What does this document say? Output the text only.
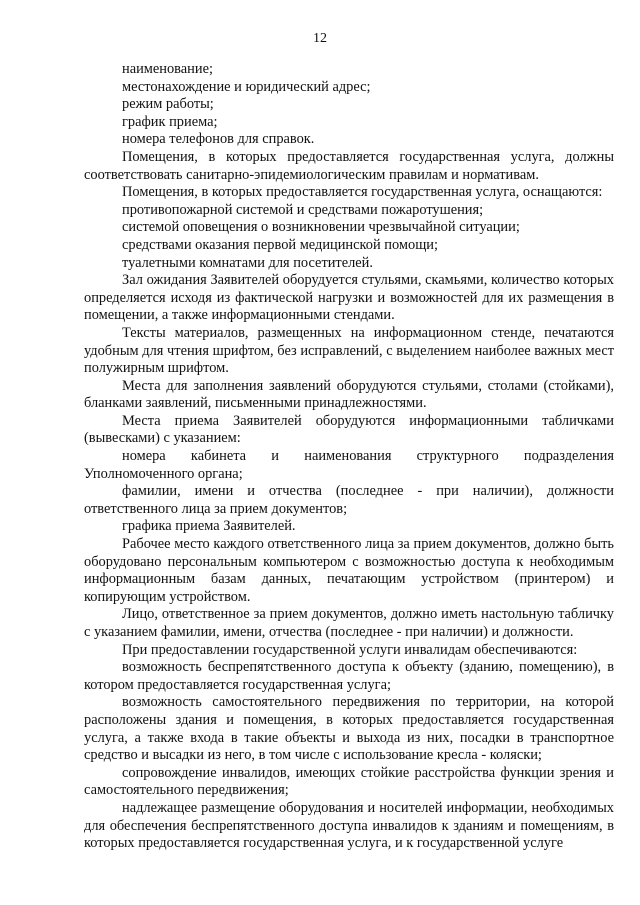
12

наименование;

местонахождение и юридический адрес;

режим работы;

график приема;

номера телефонов для справок.

Помещения, в которых предоставляется государственная услуга, должны соответствовать санитарно-эпидемиологическим правилам и нормативам.

Помещения, в которых предоставляется государственная услуга, оснащаются:

противопожарной системой и средствами пожаротушения;

системой оповещения о возникновении чрезвычайной ситуации;

средствами оказания первой медицинской помощи;

туалетными комнатами для посетителей.

Зал ожидания Заявителей оборудуется стульями, скамьями, количество которых определяется исходя из фактической нагрузки и возможностей для их размещения в помещении, а также информационными стендами.

Тексты материалов, размещенных на информационном стенде, печатаются удобным для чтения шрифтом, без исправлений, с выделением наиболее важных мест полужирным шрифтом.

Места для заполнения заявлений оборудуются стульями, столами (стойками), бланками заявлений, письменными принадлежностями.

Места приема Заявителей оборудуются информационными табличками (вывесками) с указанием:

номера кабинета и наименования структурного подразделения Уполномоченного органа;

фамилии, имени и отчества (последнее - при наличии), должности ответственного лица за прием документов;

графика приема Заявителей.

Рабочее место каждого ответственного лица за прием документов, должно быть оборудовано персональным компьютером с возможностью доступа к необходимым информационным базам данных, печатающим устройством (принтером) и копирующим устройством.

Лицо, ответственное за прием документов, должно иметь настольную табличку с указанием фамилии, имени, отчества (последнее - при наличии) и должности.

При предоставлении государственной услуги инвалидам обеспечиваются:

возможность беспрепятственного доступа к объекту (зданию, помещению), в котором предоставляется государственная услуга;

возможность самостоятельного передвижения по территории, на которой расположены здания и помещения, в которых предоставляется государственная услуга, а также входа в такие объекты и выхода из них, посадки в транспортное средство и высадки из него, в том числе с использование кресла - коляски;

сопровождение инвалидов, имеющих стойкие расстройства функции зрения и самостоятельного передвижения;

надлежащее размещение оборудования и носителей информации, необходимых для обеспечения беспрепятственного доступа инвалидов к зданиям и помещениям, в которых предоставляется государственная услуга, и к государственной услуге
